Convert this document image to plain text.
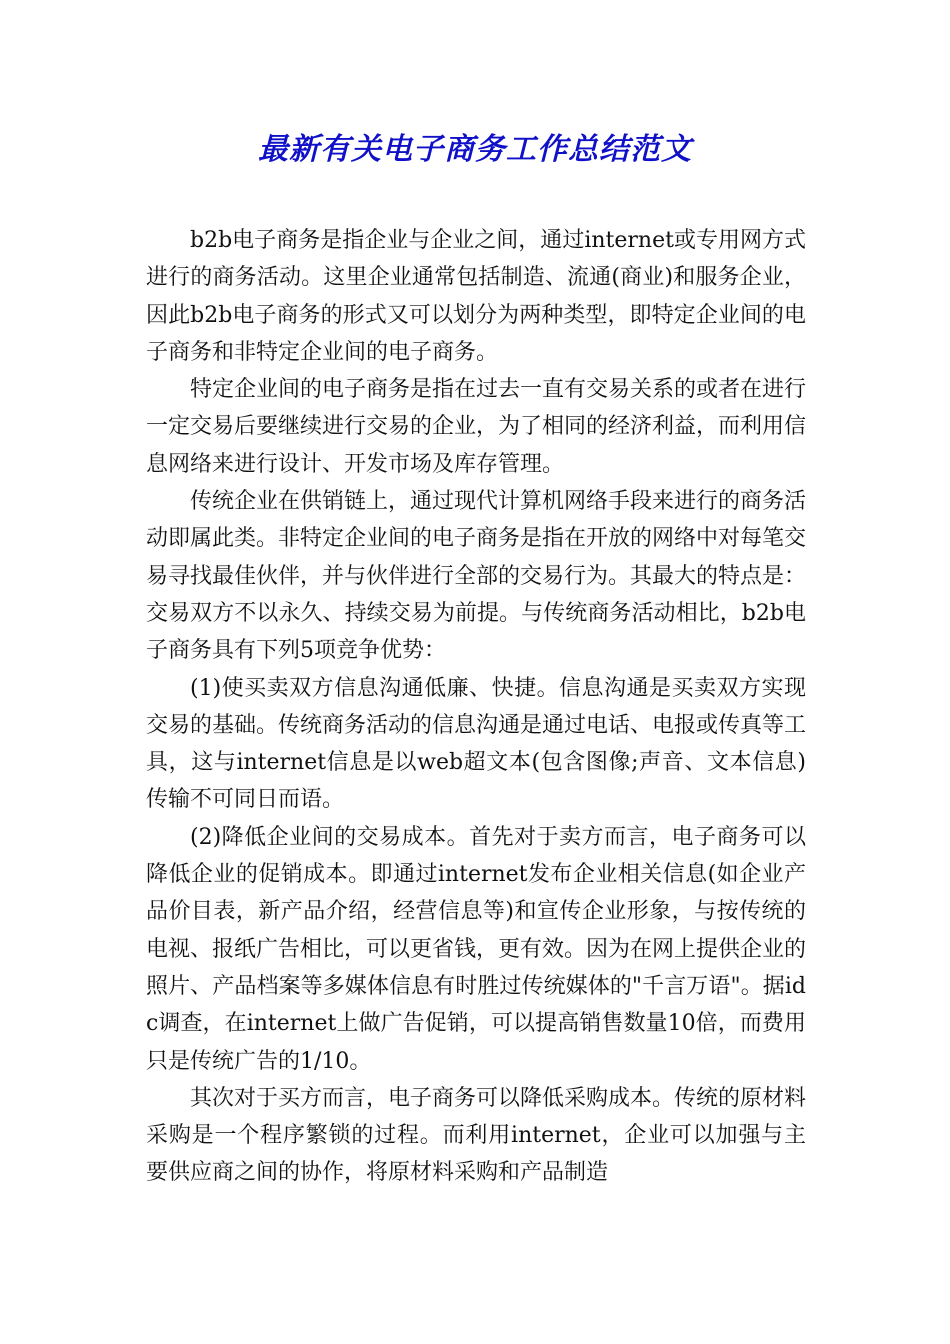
最新有关电子商务工作总结范文

b2b电子商务是指企业与企业之间，通过internet或专用网方式进行的商务活动。这里企业通常包括制造、流通(商业)和服务企业，因此b2b电子商务的形式又可以划分为两种类型，即特定企业间的电子商务和非特定企业间的电子商务。

特定企业间的电子商务是指在过去一直有交易关系的或者在进行一定交易后要继续进行交易的企业，为了相同的经济利益，而利用信息网络来进行设计、开发市场及库存管理。

传统企业在供销链上，通过现代计算机网络手段来进行的商务活动即属此类。非特定企业间的电子商务是指在开放的网络中对每笔交易寻找最佳伙伴，并与伙伴进行全部的交易行为。其最大的特点是：交易双方不以永久、持续交易为前提。与传统商务活动相比，b2b电子商务具有下列5项竞争优势：

(1)使买卖双方信息沟通低廉、快捷。信息沟通是买卖双方实现交易的基础。传统商务活动的信息沟通是通过电话、电报或传真等工具，这与internet信息是以web超文本(包含图像;声音、文本信息)传输不可同日而语。

(2)降低企业间的交易成本。首先对于卖方而言，电子商务可以降低企业的促销成本。即通过internet发布企业相关信息(如企业产品价目表，新产品介绍，经营信息等)和宣传企业形象，与按传统的电视、报纸广告相比，可以更省钱，更有效。因为在网上提供企业的照片、产品档案等多媒体信息有时胜过传统媒体的"千言万语"。据idc调查，在internet上做广告促销，可以提高销售数量10倍，而费用只是传统广告的1/10。

其次对于买方而言，电子商务可以降低采购成本。传统的原材料采购是一个程序繁锁的过程。而利用internet，企业可以加强与主要供应商之间的协作，将原材料采购和产品制造
